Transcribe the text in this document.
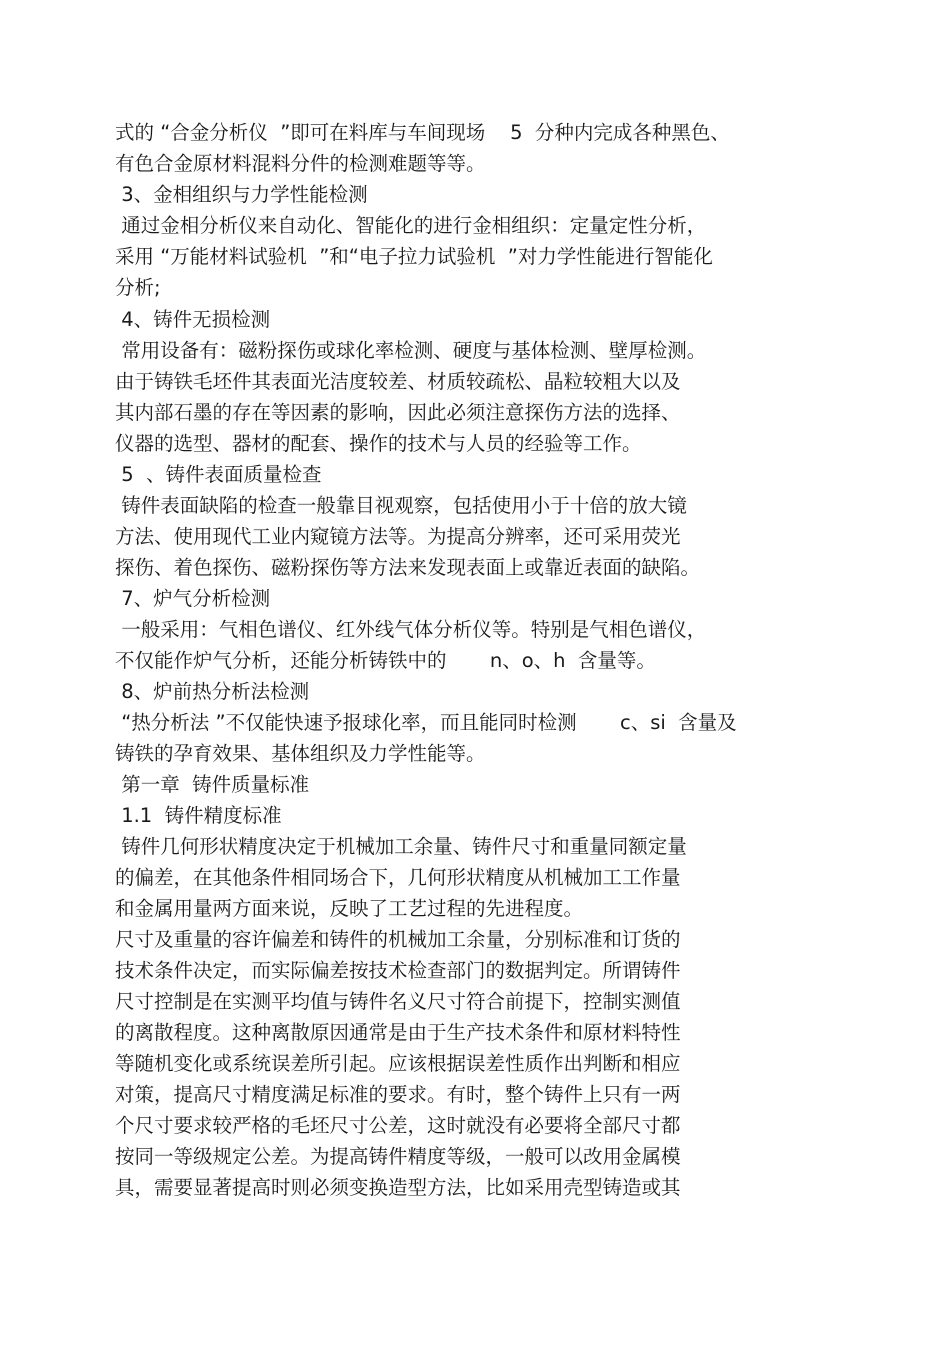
式的 “合金分析仪  ”即可在料库与车间现场    5  分种内完成各种黑色、
有色合金原材料混料分件的检测难题等等。
3、金相组织与力学性能检测
通过金相分析仪来自动化、智能化的进行金相组织：定量定性分析，
采用 “万能材料试验机  ”和“电子拉力试验机  ”对力学性能进行智能化
分析;
4、铸件无损检测
常用设备有：磁粉探伤或球化率检测、硬度与基体检测、壁厚检测。
由于铸铁毛坯件其表面光洁度较差、材质较疏松、晶粒较粗大以及
其内部石墨的存在等因素的影响，因此必须注意探伤方法的选择、
仪器的选型、器材的配套、操作的技术与人员的经验等工作。
5  、铸件表面质量检查
铸件表面缺陷的检查一般靠目视观察，包括使用小于十倍的放大镜
方法、使用现代工业内窥镜方法等。为提高分辨率，还可采用荧光
探伤、着色探伤、磁粉探伤等方法来发现表面上或靠近表面的缺陷。
7、炉气分析检测
一般采用：气相色谱仪、红外线气体分析仪等。特别是气相色谱仪，
不仅能作炉气分析，还能分析铸铁中的       n、o、h  含量等。
8、炉前热分析法检测
“热分析法 ”不仅能快速予报球化率，而且能同时检测       c、si  含量及
铸铁的孕育效果、基体组织及力学性能等。
第一章  铸件质量标准
1.1  铸件精度标准
铸件几何形状精度决定于机械加工余量、铸件尺寸和重量同额定量
的偏差，在其他条件相同场合下，几何形状精度从机械加工工作量
和金属用量两方面来说，反映了工艺过程的先进程度。
尺寸及重量的容许偏差和铸件的机械加工余量，分别标准和订货的
技术条件决定，而实际偏差按技术检查部门的数据判定。所谓铸件
尺寸控制是在实测平均值与铸件名义尺寸符合前提下，控制实测值
的离散程度。这种离散原因通常是由于生产技术条件和原材料特性
等随机变化或系统误差所引起。应该根据误差性质作出判断和相应
对策，提高尺寸精度满足标准的要求。有时，整个铸件上只有一两
个尺寸要求较严格的毛坯尺寸公差，这时就没有必要将全部尺寸都
按同一等级规定公差。为提高铸件精度等级，一般可以改用金属模
具，需要显著提高时则必须变换造型方法，比如采用壳型铸造或其
